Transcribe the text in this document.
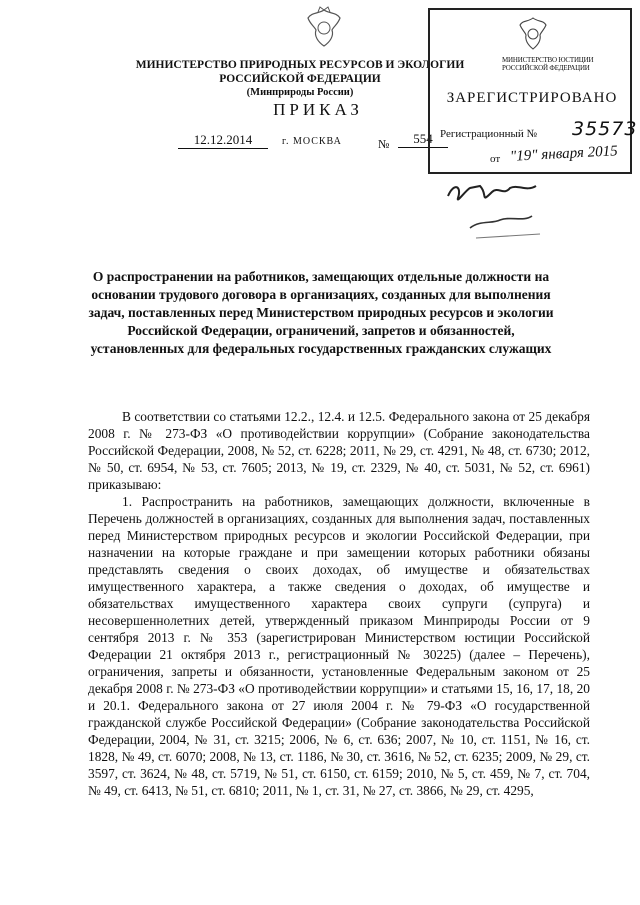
МИНИСТЕРСТВО ПРИРОДНЫХ РЕСУРСОВ И ЭКОЛОГИИ
РОССИЙСКОЙ ФЕДЕРАЦИИ
(Минприроды России)
ПРИКАЗ
12.12.2014	г. МОСКВА	№	554
МИНИСТЕРСТВО ЮСТИЦИИ РОССИЙСКОЙ ФЕДЕРАЦИИ
ЗАРЕГИСТРИРОВАНО
Регистрационный № 35573
от "19" января 2015
О распространении на работников, замещающих отдельные должности на основании трудового договора в организациях, созданных для выполнения задач, поставленных перед Министерством природных ресурсов и экологии Российской Федерации, ограничений, запретов и обязанностей, установленных для федеральных государственных гражданских служащих

В соответствии со статьями 12.2., 12.4. и 12.5. Федерального закона от 25 декабря 2008 г. № 273-ФЗ «О противодействии коррупции» (Собрание законодательства Российской Федерации, 2008, № 52, ст. 6228; 2011, № 29, ст. 4291, № 48, ст. 6730; 2012, № 50, ст. 6954, № 53, ст. 7605; 2013, № 19, ст. 2329, № 40, ст. 5031, № 52, ст. 6961) приказываю:

1. Распространить на работников, замещающих должности, включенные в Перечень должностей в организациях, созданных для выполнения задач, поставленных перед Министерством природных ресурсов и экологии Российской Федерации, при назначении на которые граждане и при замещении которых работники обязаны представлять сведения о своих доходах, об имуществе и обязательствах имущественного характера, а также сведения о доходах, об имуществе и обязательствах имущественного характера своих супруги (супруга) и несовершеннолетних детей, утвержденный приказом Минприроды России от 9 сентября 2013 г. № 353 (зарегистрирован Министерством юстиции Российской Федерации 21 октября 2013 г., регистрационный № 30225) (далее – Перечень), ограничения, запреты и обязанности, установленные Федеральным законом от 25 декабря 2008 г. № 273-ФЗ «О противодействии коррупции» и статьями 15, 16, 17, 18, 20 и 20.1. Федерального закона от 27 июля 2004 г. № 79-ФЗ «О государственной гражданской службе Российской Федерации» (Собрание законодательства Российской Федерации, 2004, № 31, ст. 3215; 2006, № 6, ст. 636; 2007, № 10, ст. 1151, № 16, ст. 1828, № 49, ст. 6070; 2008, № 13, ст. 1186, № 30, ст. 3616, № 52, ст. 6235; 2009, № 29, ст. 3597, ст. 3624, № 48, ст. 5719, № 51, ст. 6150, ст. 6159; 2010, № 5, ст. 459, № 7, ст. 704, № 49, ст. 6413, № 51, ст. 6810; 2011, № 1, ст. 31, № 27, ст. 3866, № 29, ст. 4295,
